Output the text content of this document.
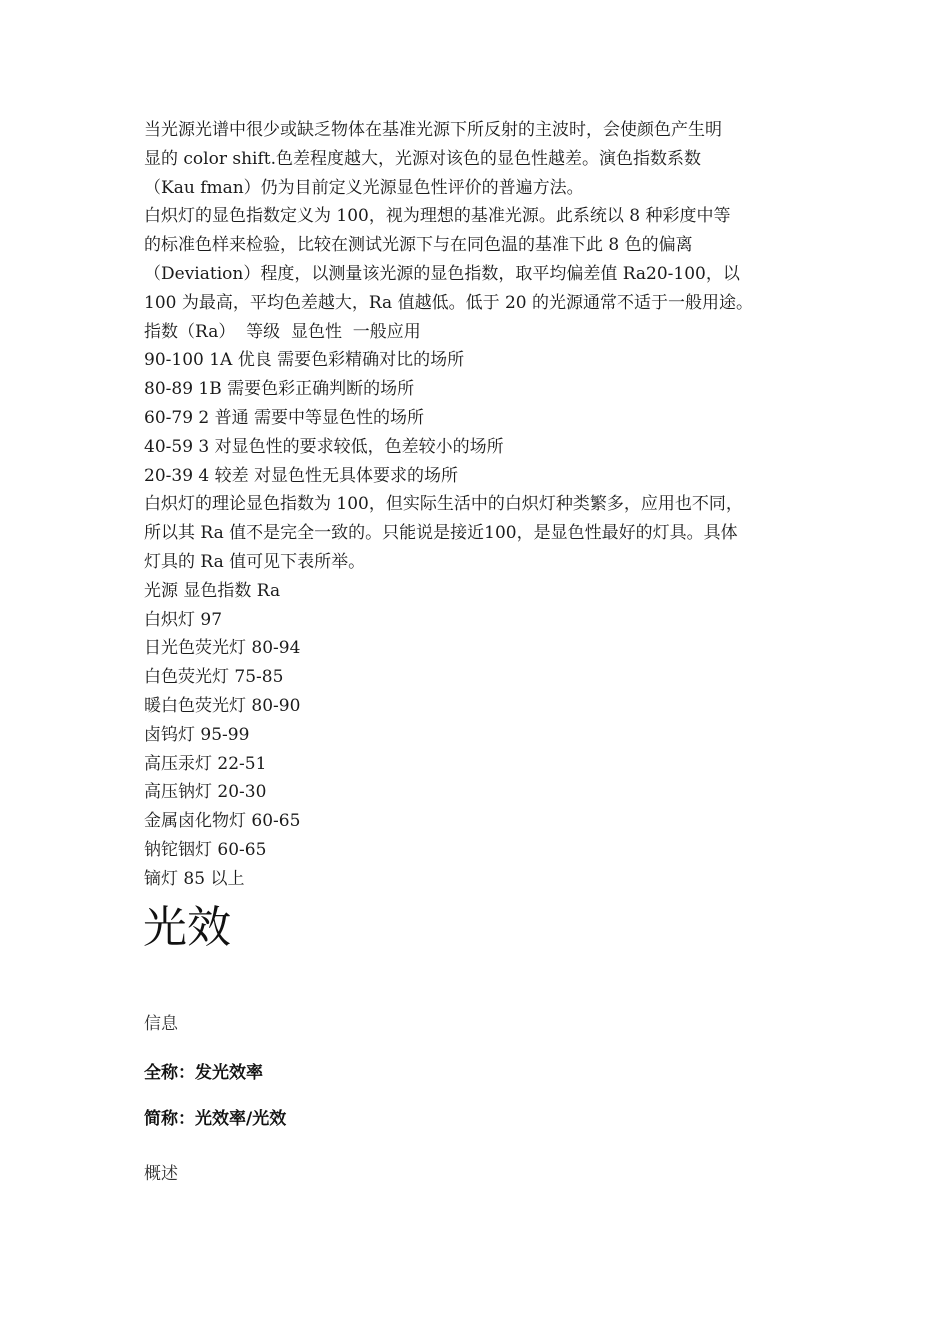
当光源光谱中很少或缺乏物体在基准光源下所反射的主波时，会使颜色产生明

显的 color shift.色差程度越大，光源对该色的显色性越差。演色指数系数

（Kau fman）仍为目前定义光源显色性评价的普遍方法。

白炽灯的显色指数定义为 100，视为理想的基准光源。此系统以 8 种彩度中等

的标准色样来检验，比较在测试光源下与在同色温的基准下此 8 色的偏离

（Deviation）程度，以测量该光源的显色指数，取平均偏差值 Ra20-100，以

100 为最高，平均色差越大，Ra 值越低。低于 20 的光源通常不适于一般用途。

指数（Ra）  等级  显色性  一般应用

90-100 1A 优良 需要色彩精确对比的场所

80-89 1B 需要色彩正确判断的场所

60-79 2 普通 需要中等显色性的场所

40-59 3 对显色性的要求较低，色差较小的场所

20-39 4 较差 对显色性无具体要求的场所

白炽灯的理论显色指数为 100，但实际生活中的白炽灯种类繁多，应用也不同，

所以其 Ra 值不是完全一致的。只能说是接近100，是显色性最好的灯具。具体

灯具的 Ra 值可见下表所举。

光源 显色指数 Ra

白炽灯 97

日光色荧光灯 80-94

白色荧光灯 75-85

暖白色荧光灯 80-90

卤钨灯 95-99

高压汞灯 22-51

高压钠灯 20-30

金属卤化物灯 60-65

钠铊铟灯 60-65

镝灯 85 以上

光效

信息

全称：发光效率

简称：光效率/光效

概述
